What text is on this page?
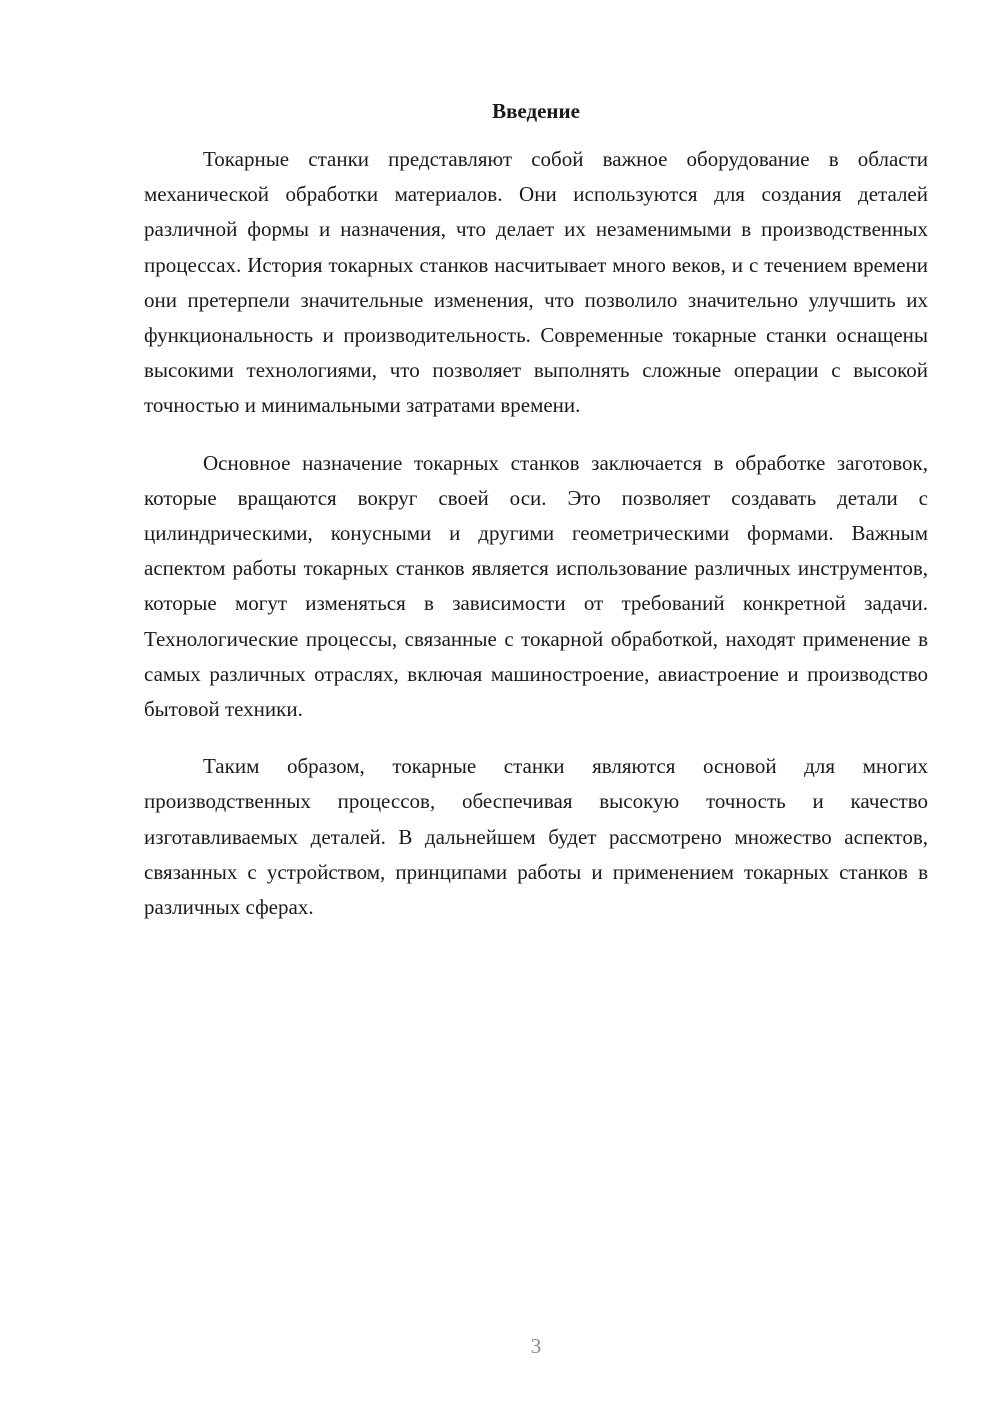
Введение

Токарные станки представляют собой важное оборудование в области механической обработки материалов. Они используются для создания деталей различной формы и назначения, что делает их незаменимыми в производственных процессах. История токарных станков насчитывает много веков, и с течением времени они претерпели значительные изменения, что позволило значительно улучшить их функциональность и производительность. Современные токарные станки оснащены высокими технологиями, что позволяет выполнять сложные операции с высокой точностью и минимальными затратами времени.

Основное назначение токарных станков заключается в обработке заготовок, которые вращаются вокруг своей оси. Это позволяет создавать детали с цилиндрическими, конусными и другими геометрическими формами. Важным аспектом работы токарных станков является использование различных инструментов, которые могут изменяться в зависимости от требований конкретной задачи. Технологические процессы, связанные с токарной обработкой, находят применение в самых различных отраслях, включая машиностроение, авиастроение и производство бытовой техники.

Таким образом, токарные станки являются основой для многих производственных процессов, обеспечивая высокую точность и качество изготавливаемых деталей. В дальнейшем будет рассмотрено множество аспектов, связанных с устройством, принципами работы и применением токарных станков в различных сферах.

3
